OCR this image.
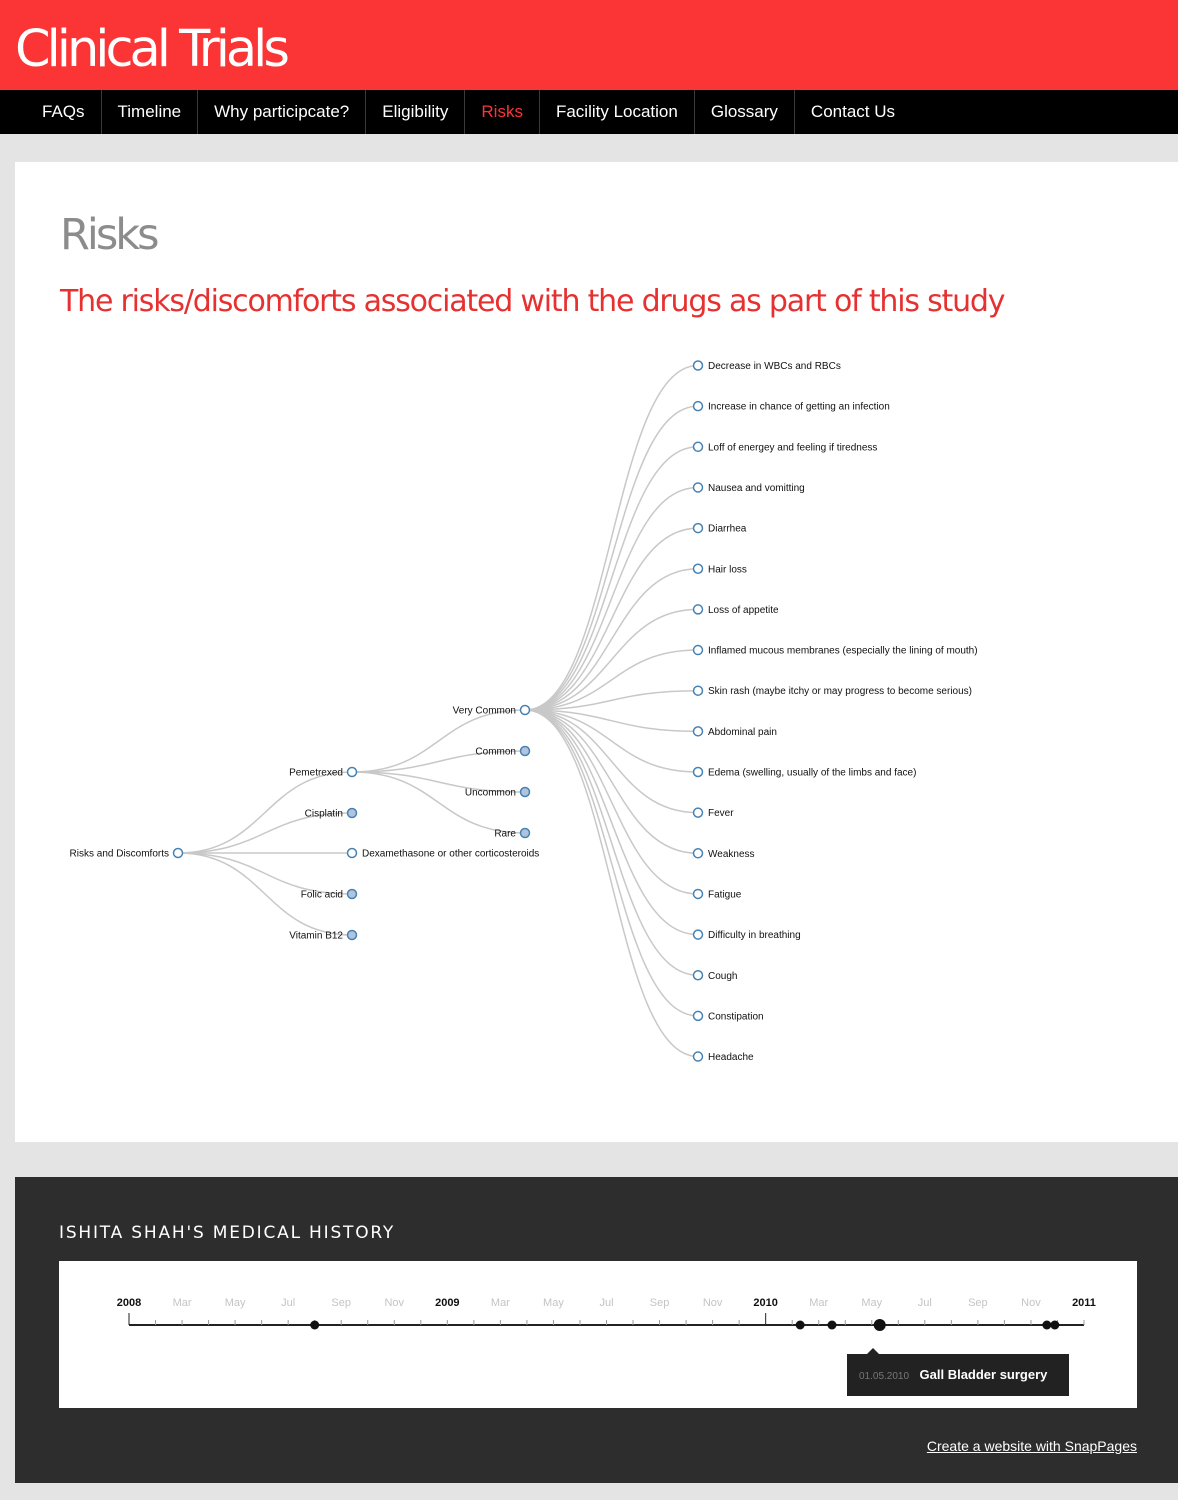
Clinical Trials
FAQs	Timeline	Why participcate?	Eligibility	Risks	Facility Location	Glossary	Contact Us
Risks
The risks/discomforts associated with the drugs as part of this study
Risks and Discomforts
Pemetrexed
Cisplatin
Dexamethasone or other corticosteroids
Folic acid
Vitamin B12
Very Common
Common
Uncommon
Rare
Decrease in WBCs and RBCs
Increase in chance of getting an infection
Loff of energey and feeling if tiredness
Nausea and vomitting
Diarrhea
Hair loss
Loss of appetite
Inflamed mucous membranes (especially the lining of mouth)
Skin rash (maybe itchy or may progress to become serious)
Abdominal pain
Edema (swelling, usually of the limbs and face)
Fever
Weakness
Fatigue
Difficulty in breathing
Cough
Constipation
Headache
ISHITA SHAH'S MEDICAL HISTORY
2008	Mar	May	Jul	Sep	Nov	2009	Mar	May	Jul	Sep	Nov	2010	Mar	May	Jul	Sep	Nov	2011
01.05.2010 Gall Bladder surgery
Create a website with SnapPages
